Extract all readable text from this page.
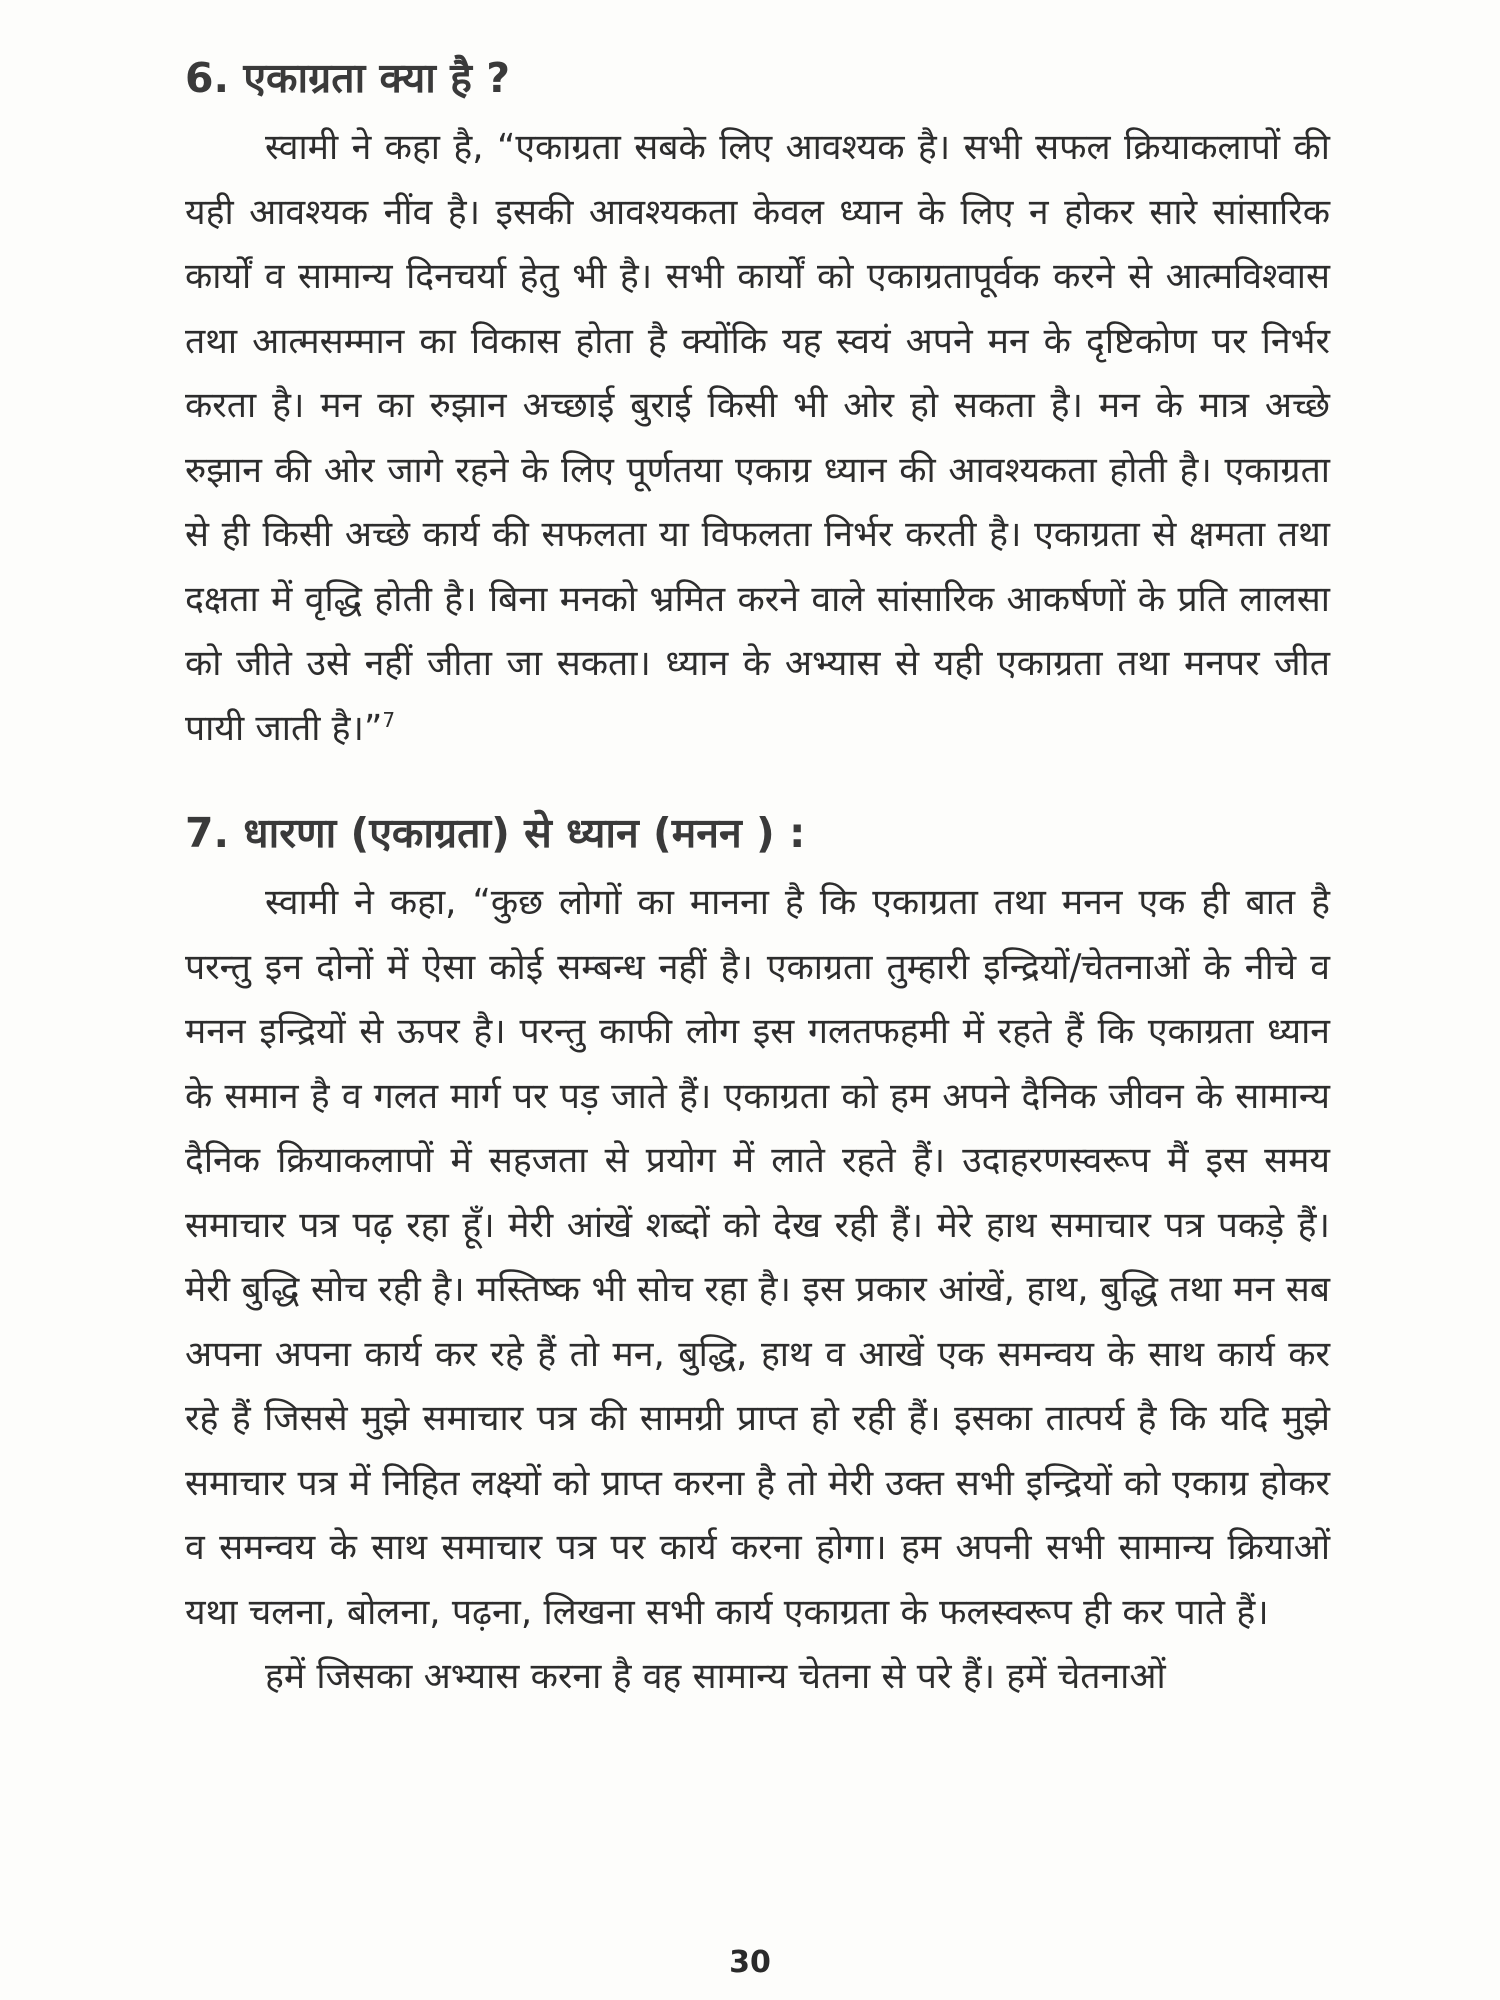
6. एकाग्रता क्या है ?

स्वामी ने कहा है, “एकाग्रता सबके लिए आवश्यक है। सभी सफल क्रियाकलापों की यही आवश्यक नींव है। इसकी आवश्यकता केवल ध्यान के लिए न होकर सारे सांसारिक कार्यों व सामान्य दिनचर्या हेतु भी है। सभी कार्यों को एकाग्रतापूर्वक करने से आत्मविश्वास तथा आत्मसम्मान का विकास होता है क्योंकि यह स्वयं अपने मन के दृष्टिकोण पर निर्भर करता है। मन का रुझान अच्छाई बुराई किसी भी ओर हो सकता है। मन के मात्र अच्छे रुझान की ओर जागे रहने के लिए पूर्णतया एकाग्र ध्यान की आवश्यकता होती है। एकाग्रता से ही किसी अच्छे कार्य की सफलता या विफलता निर्भर करती है। एकाग्रता से क्षमता तथा दक्षता में वृद्धि होती है। बिना मनको भ्रमित करने वाले सांसारिक आकर्षणों के प्रति लालसा को जीते उसे नहीं जीता जा सकता। ध्यान के अभ्यास से यही एकाग्रता तथा मनपर जीत पायी जाती है।”$^7$

7. धारणा (एकाग्रता) से ध्यान (मनन ) :

स्वामी ने कहा, “कुछ लोगों का मानना है कि एकाग्रता तथा मनन एक ही बात है परन्तु इन दोनों में ऐसा कोई सम्बन्ध नहीं है। एकाग्रता तुम्हारी इन्द्रियों/चेतनाओं के नीचे व मनन इन्द्रियों से ऊपर है। परन्तु काफी लोग इस गलतफहमी में रहते हैं कि एकाग्रता ध्यान के समान है व गलत मार्ग पर पड़ जाते हैं। एकाग्रता को हम अपने दैनिक जीवन के सामान्य दैनिक क्रियाकलापों में सहजता से प्रयोग में लाते रहते हैं। उदाहरणस्वरूप मैं इस समय समाचार पत्र पढ़ रहा हूँ। मेरी आंखें शब्दों को देख रही हैं। मेरे हाथ समाचार पत्र पकड़े हैं। मेरी बुद्धि सोच रही है। मस्तिष्क भी सोच रहा है। इस प्रकार आंखें, हाथ, बुद्धि तथा मन सब अपना अपना कार्य कर रहे हैं तो मन, बुद्धि, हाथ व आखें एक समन्वय के साथ कार्य कर रहे हैं जिससे मुझे समाचार पत्र की सामग्री प्राप्त हो रही हैं। इसका तात्पर्य है कि यदि मुझे समाचार पत्र में निहित लक्ष्यों को प्राप्त करना है तो मेरी उक्त सभी इन्द्रियों को एकाग्र होकर व समन्वय के साथ समाचार पत्र पर कार्य करना होगा। हम अपनी सभी सामान्य क्रियाओं यथा चलना, बोलना, पढ़ना, लिखना सभी कार्य एकाग्रता के फलस्वरूप ही कर पाते हैं।

हमें जिसका अभ्यास करना है वह सामान्य चेतना से परे हैं। हमें चेतनाओं

30
